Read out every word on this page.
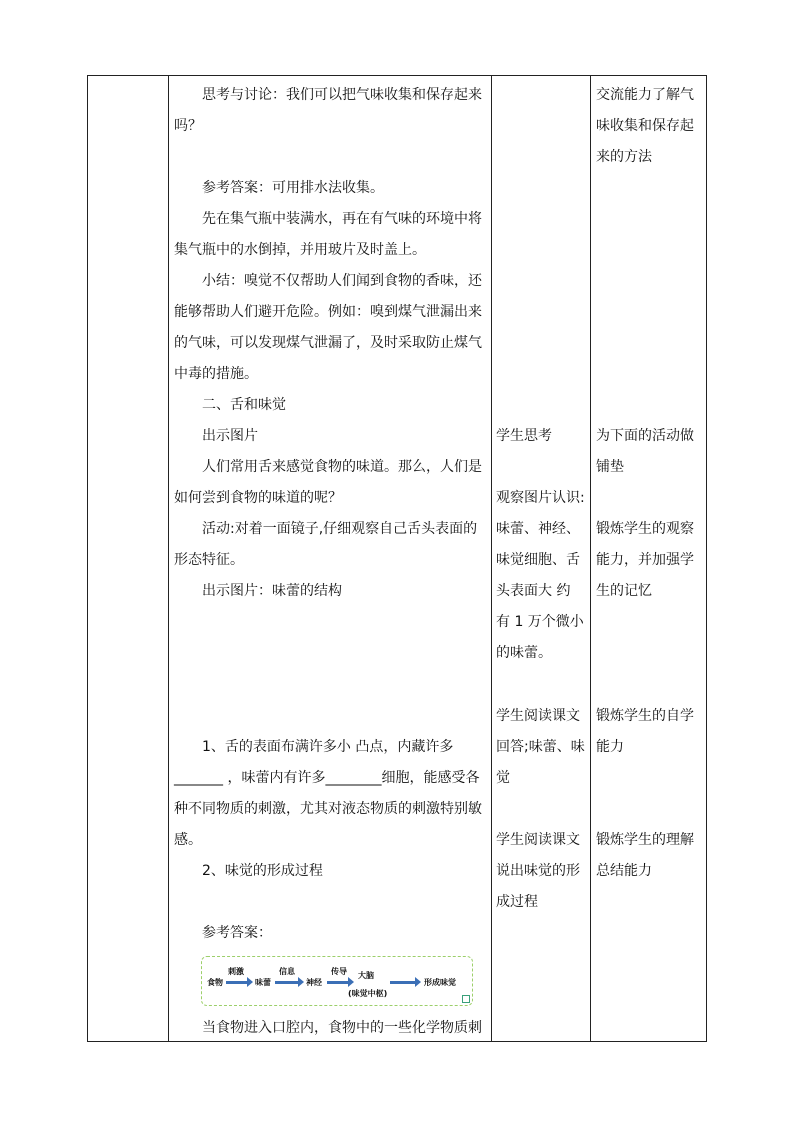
思考与讨论：我们可以把气味收集和保存起来
吗？
参考答案：可用排水法收集。
先在集气瓶中装满水，再在有气味的环境中将
集气瓶中的水倒掉，并用玻片及时盖上。
小结：嗅觉不仅帮助人们闻到食物的香味，还
能够帮助人们避开危险。例如：嗅到煤气泄漏出来
的气味，可以发现煤气泄漏了，及时采取防止煤气
中毒的措施。
二、舌和味觉
出示图片
人们常用舌来感觉食物的味道。那么，人们是
如何尝到食物的味道的呢？
活动:对着一面镜子,仔细观察自己舌头表面的
形态特征。
出示图片：味蕾的结构
1、舌的表面布满许多小 凸点，内藏许多
_______ ，味蕾内有许多________细胞，能感受各
种不同物质的刺激，尤其对液态物质的刺激特别敏
感。
2、味觉的形成过程
参考答案：
当食物进入口腔内，食物中的一些化学物质刺
学生思考
观察图片认识:
味蕾、神经、
味觉细胞、舌
头表面大 约
有 1 万个微小
的味蕾。
学生阅读课文
回答;味蕾、味
觉
学生阅读课文
说出味觉的形
成过程
交流能力了解气
味收集和保存起
来的方法
为下面的活动做
铺垫
锻炼学生的观察
能力，并加强学
生的记忆
锻炼学生的自学
能力
锻炼学生的理解
总结能力
食物
刺激
味蕾
信息
神经
传导 大脑
(味觉中枢)
形成味觉
